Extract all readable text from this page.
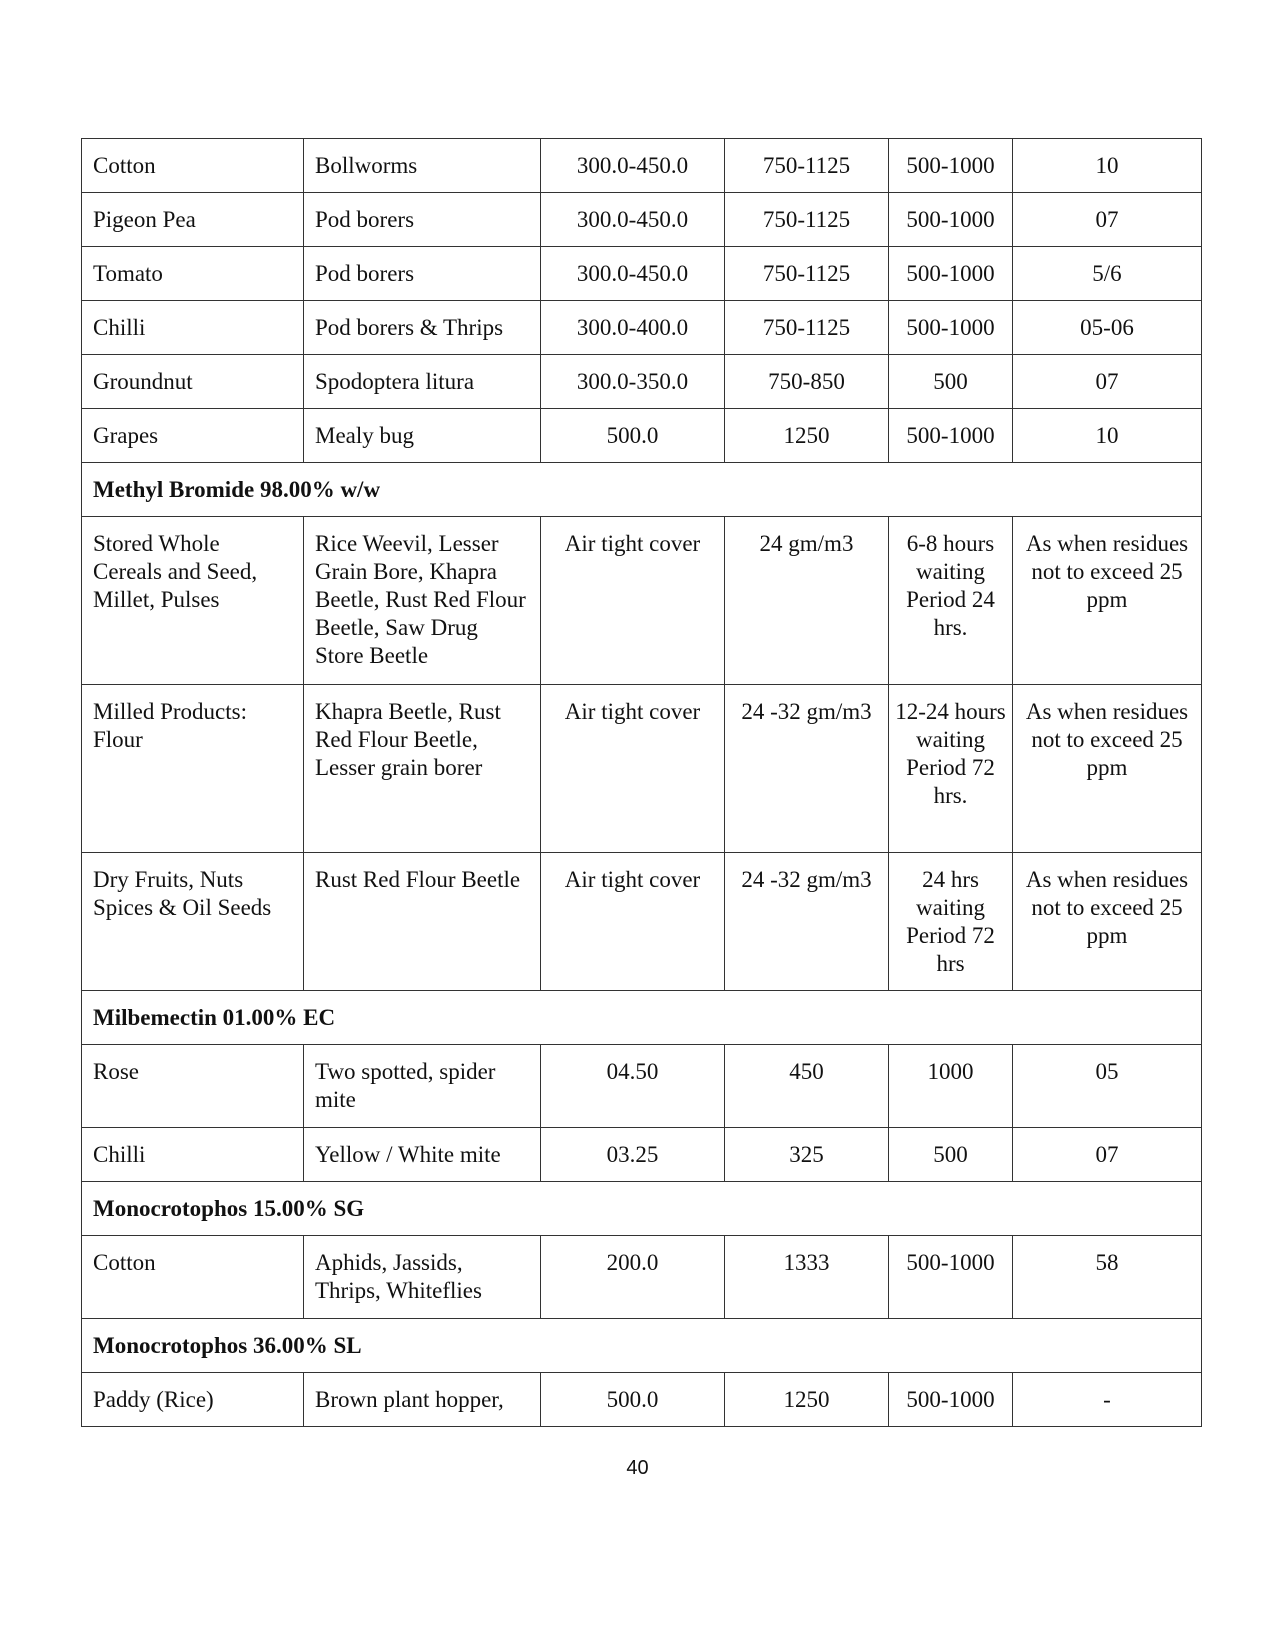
Cotton	Bollworms	300.0-450.0	750-1125	500-1000	10
Pigeon Pea	Pod borers	300.0-450.0	750-1125	500-1000	07
Tomato	Pod borers	300.0-450.0	750-1125	500-1000	5/6
Chilli	Pod borers & Thrips	300.0-400.0	750-1125	500-1000	05-06
Groundnut	Spodoptera litura	300.0-350.0	750-850	500	07
Grapes	Mealy bug	500.0	1250	500-1000	10
Methyl Bromide 98.00% w/w					
Stored Whole Cereals and Seed, Millet, Pulses	Rice Weevil, Lesser Grain Bore, Khapra Beetle, Rust Red Flour Beetle, Saw Drug Store Beetle	Air tight cover	24 gm/m3	6-8 hours waiting Period 24 hrs.	As when residues not to exceed 25 ppm
Milled Products: Flour	Khapra Beetle, Rust Red Flour Beetle, Lesser grain borer	Air tight cover	24 -32 gm/m3	12-24 hours waiting Period 72 hrs.	As when residues not to exceed 25 ppm
Dry Fruits, Nuts Spices & Oil Seeds	Rust Red Flour Beetle	Air tight cover	24 -32 gm/m3	24 hrs waiting Period 72 hrs	As when residues not to exceed 25 ppm
Milbemectin 01.00% EC					
Rose	Two spotted, spider mite	04.50	450	1000	05
Chilli	Yellow / White mite	03.25	325	500	07
Monocrotophos 15.00% SG					
Cotton	Aphids, Jassids, Thrips, Whiteflies	200.0	1333	500-1000	58
Monocrotophos 36.00% SL					
Paddy (Rice)	Brown plant hopper,	500.0	1250	500-1000	-
40
